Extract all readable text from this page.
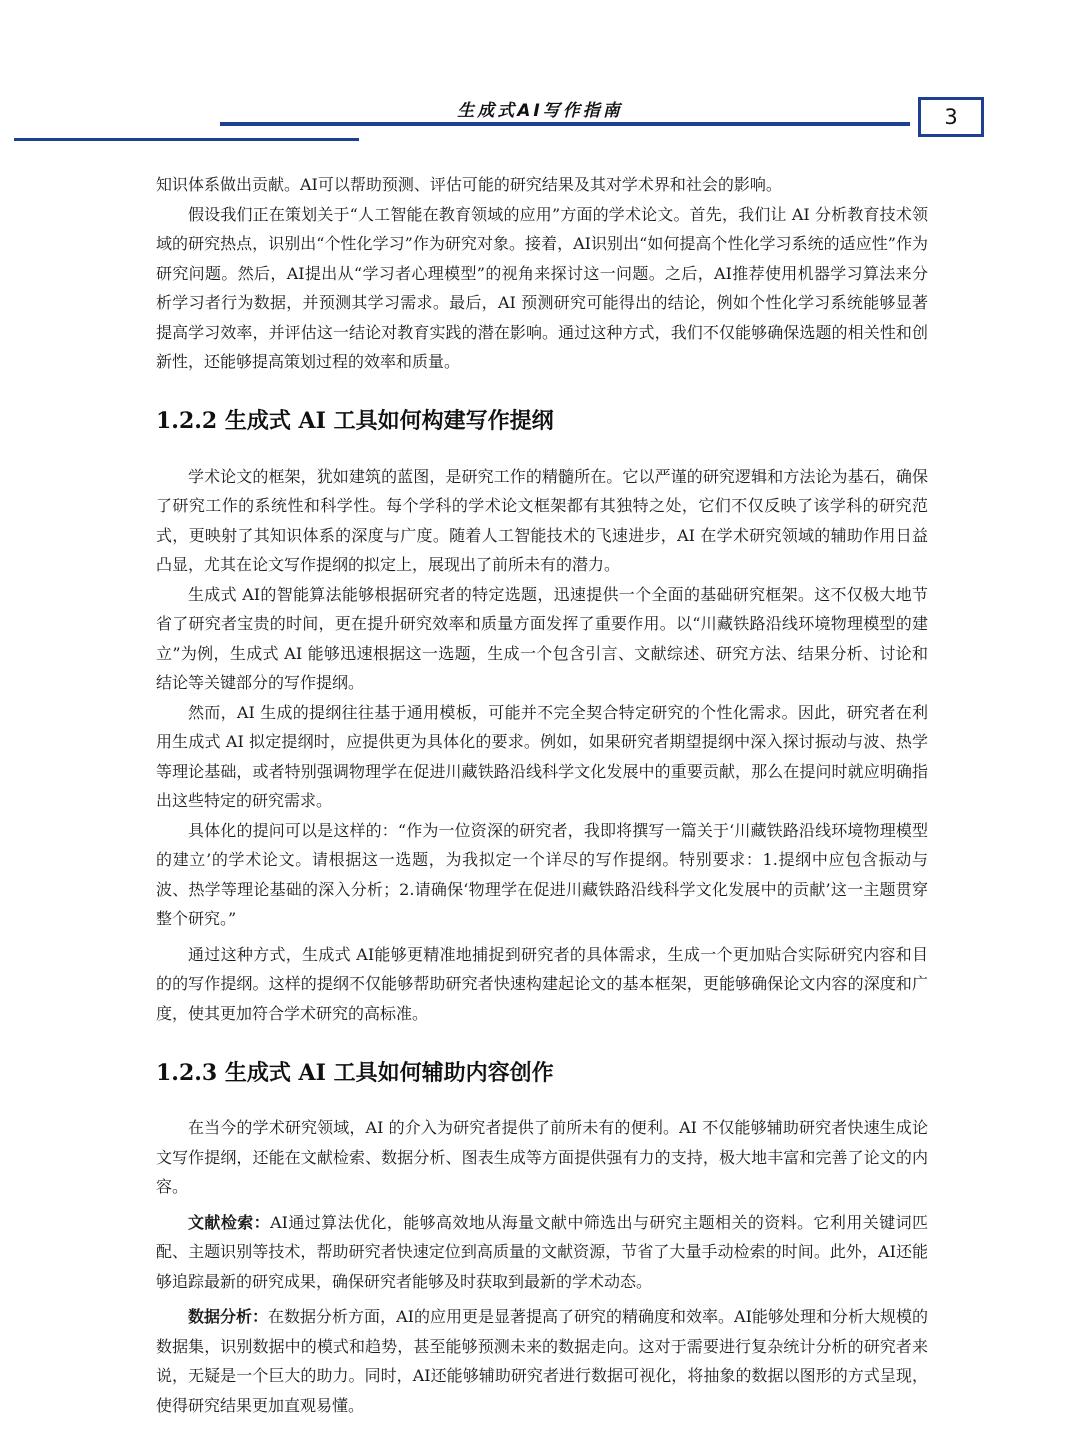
生成式AI写作指南	3

知识体系做出贡献。AI可以帮助预测、评估可能的研究结果及其对学术界和社会的影响。

假设我们正在策划关于“人工智能在教育领域的应用”方面的学术论文。首先，我们让 AI 分析教育技术领域的研究热点，识别出“个性化学习”作为研究对象。接着，AI识别出“如何提高个性化学习系统的适应性”作为研究问题。然后，AI提出从“学习者心理模型”的视角来探讨这一问题。之后，AI推荐使用机器学习算法来分析学习者行为数据，并预测其学习需求。最后，AI 预测研究可能得出的结论，例如个性化学习系统能够显著提高学习效率，并评估这一结论对教育实践的潜在影响。通过这种方式，我们不仅能够确保选题的相关性和创新性，还能够提高策划过程的效率和质量。

1.2.2 生成式 AI 工具如何构建写作提纲

学术论文的框架，犹如建筑的蓝图，是研究工作的精髓所在。它以严谨的研究逻辑和方法论为基石，确保了研究工作的系统性和科学性。每个学科的学术论文框架都有其独特之处，它们不仅反映了该学科的研究范式，更映射了其知识体系的深度与广度。随着人工智能技术的飞速进步，AI 在学术研究领域的辅助作用日益凸显，尤其在论文写作提纲的拟定上，展现出了前所未有的潜力。

生成式 AI的智能算法能够根据研究者的特定选题，迅速提供一个全面的基础研究框架。这不仅极大地节省了研究者宝贵的时间，更在提升研究效率和质量方面发挥了重要作用。以“川藏铁路沿线环境物理模型的建立”为例，生成式 AI 能够迅速根据这一选题，生成一个包含引言、文献综述、研究方法、结果分析、讨论和结论等关键部分的写作提纲。

然而，AI 生成的提纲往往基于通用模板，可能并不完全契合特定研究的个性化需求。因此，研究者在利用生成式 AI 拟定提纲时，应提供更为具体化的要求。例如，如果研究者期望提纲中深入探讨振动与波、热学等理论基础，或者特别强调物理学在促进川藏铁路沿线科学文化发展中的重要贡献，那么在提问时就应明确指出这些特定的研究需求。

具体化的提问可以是这样的：“作为一位资深的研究者，我即将撰写一篇关于‘川藏铁路沿线环境物理模型的建立’的学术论文。请根据这一选题，为我拟定一个详尽的写作提纲。特别要求：1.提纲中应包含振动与波、热学等理论基础的深入分析；2.请确保‘物理学在促进川藏铁路沿线科学文化发展中的贡献’这一主题贯穿整个研究。”

通过这种方式，生成式 AI能够更精准地捕捉到研究者的具体需求，生成一个更加贴合实际研究内容和目的的写作提纲。这样的提纲不仅能够帮助研究者快速构建起论文的基本框架，更能够确保论文内容的深度和广度，使其更加符合学术研究的高标准。

1.2.3 生成式 AI 工具如何辅助内容创作

在当今的学术研究领域，AI 的介入为研究者提供了前所未有的便利。AI 不仅能够辅助研究者快速生成论文写作提纲，还能在文献检索、数据分析、图表生成等方面提供强有力的支持，极大地丰富和完善了论文的内容。

文献检索：AI通过算法优化，能够高效地从海量文献中筛选出与研究主题相关的资料。它利用关键词匹配、主题识别等技术，帮助研究者快速定位到高质量的文献资源，节省了大量手动检索的时间。此外，AI还能够追踪最新的研究成果，确保研究者能够及时获取到最新的学术动态。

数据分析：在数据分析方面，AI的应用更是显著提高了研究的精确度和效率。AI能够处理和分析大规模的数据集，识别数据中的模式和趋势，甚至能够预测未来的数据走向。这对于需要进行复杂统计分析的研究者来说，无疑是一个巨大的助力。同时，AI还能够辅助研究者进行数据可视化，将抽象的数据以图形的方式呈现，使得研究结果更加直观易懂。
